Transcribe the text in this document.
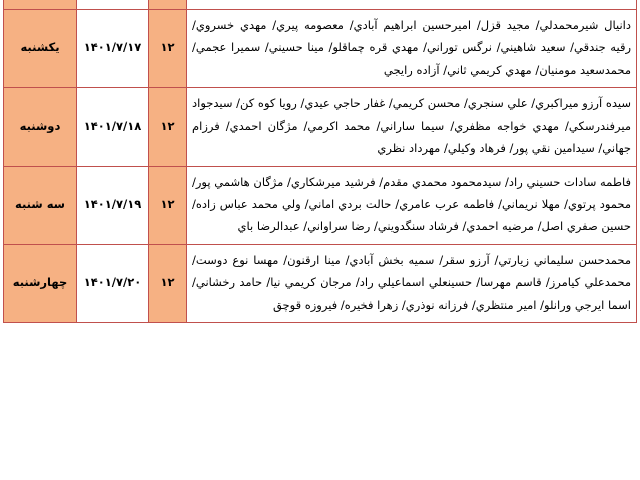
دانيال شيرمحمدلي/ مجيد قزل/ اميرحسين ابراهيم آبادي/ معصومه پيري/ مهدي خسروي/ رقيه جندقي/ سعيد شاهيني/ نرگس توراني/ مهدي قره چماقلو/ مينا حسيني/ سميرا عجمي/ محمدسعيد مومنيان/ مهدي كريمي ثاني/ آزاده رايجي	۱۲	۱۴۰۱/۷/۱۷	يكشنبه

سيده آرزو ميراكبري/ علي سنجري/ محسن كريمي/ غفار حاجي عيدي/ رويا كوه كن/ سيدجواد ميرفندرسكي/ مهدي خواجه مظفري/ سيما ساراني/ محمد اكرمي/ مژگان احمدي/ فرزام جهاني/ سيدامين نقي پور/ فرهاد وكيلي/ مهرداد نظري	۱۲	۱۴۰۱/۷/۱۸	دوشنبه

فاطمه سادات حسيني راد/ سيدمحمود محمدي مقدم/ فرشيد ميرشكاري/ مژگان هاشمي پور/ محمود پرتوي/ مهلا نريماني/ فاطمه عرب عامري/ حالت بردي اماني/ ولي محمد عباس زاده/ حسين صفري اصل/ مرضيه احمدي/ فرشاد سنگدويني/ رضا سراواني/ عبدالرضا باي	۱۲	۱۴۰۱/۷/۱۹	سه شنبه

محمدحسن سليماني زيارتي/ آرزو سقر/ سميه بخش آبادي/ مينا ارقنون/ مهسا نوع دوست/ محمدعلي كيامرز/ قاسم مهرسا/ حسينعلي اسماعيلي راد/ مرجان كريمي نيا/ حامد رخشاني/ اسما ايرجي ورانلو/ امير منتظري/ فرزانه نوذري/ زهرا فخيره/ فيروزه قوچق	۱۲	۱۴۰۱/۷/۲۰	چهارشنبه
